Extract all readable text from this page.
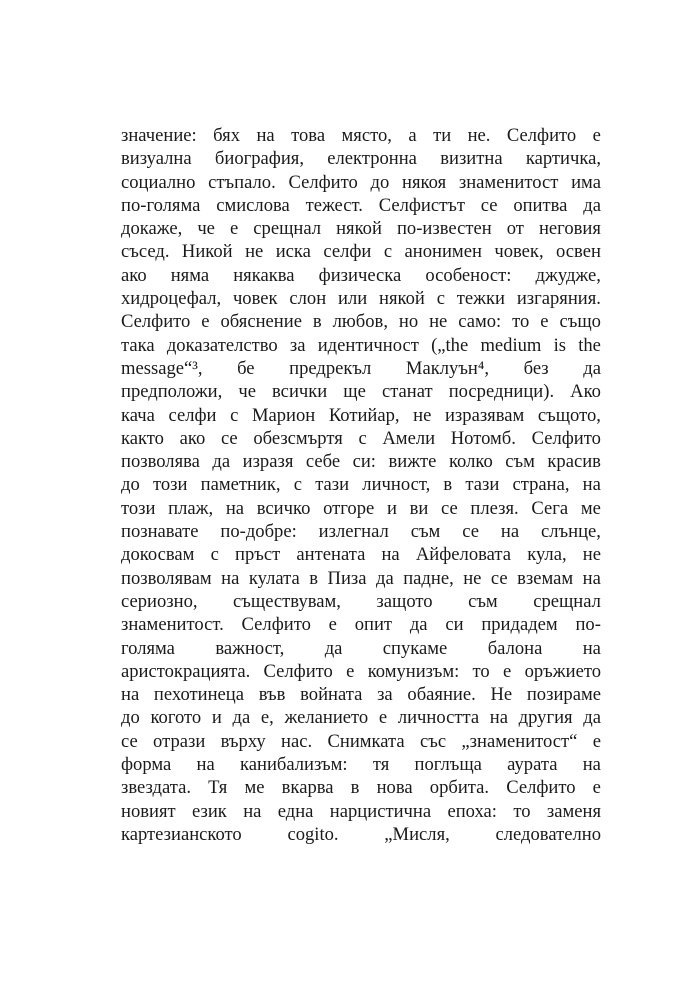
значение: бях на това място, а ти не. Селфито е
визуална биография, електронна визитна картичка,
социално стъпало. Селфито до някоя знаменитост има
по-голяма смислова тежест. Селфистът се опитва да
докаже, че е срещнал някой по-известен от неговия
съсед. Никой не иска селфи с анонимен човек, освен
ако няма някаква физическа особеност: джудже,
хидроцефал, човек слон или някой с тежки изгаряния.
Селфито е обяснение в любов, но не само: то е също
така доказателство за идентичност („the medium is the
message“³, бе предрекъл Маклуън⁴, без да
предположи, че всички ще станат посредници). Ако
кача селфи с Марион Котийар, не изразявам същото,
както ако се обезсмъртя с Амели Нотомб. Селфито
позволява да изразя себе си: вижте колко съм красив
до този паметник, с тази личност, в тази страна, на
този плаж, на всичко отгоре и ви се плезя. Сега ме
познавате по-добре: излегнал съм се на слънце,
докосвам с пръст антената на Айфеловата кула, не
позволявам на кулата в Пиза да падне, не се вземам на
сериозно, съществувам, защото съм срещнал
знаменитост. Селфито е опит да си придадем по-
голяма важност, да спукаме балона на
аристокрацията. Селфито е комунизъм: то е оръжието
на пехотинеца във войната за обаяние. Не позираме
до когото и да е, желанието е личността на другия да
се отрази върху нас. Снимката със „знаменитост“ е
форма на канибализъм: тя поглъща аурата на
звездата. Тя ме вкарва в нова орбита. Селфито е
новият език на една нарцистична епоха: то заменя
картезианското cogito. „Мисля, следователно
